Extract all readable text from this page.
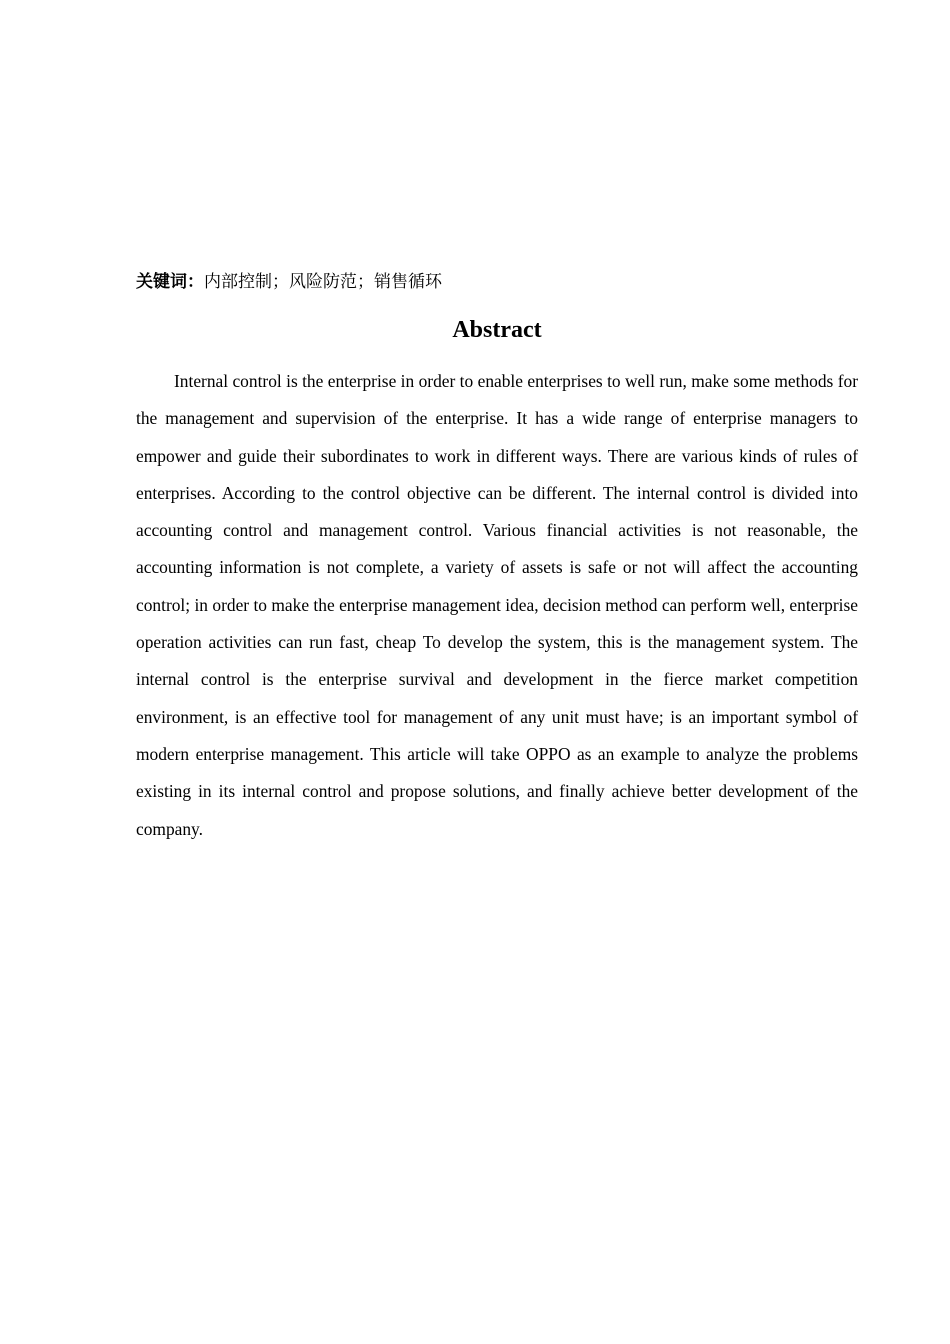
关键词：内部控制；风险防范；销售循环
Abstract

Internal control is the enterprise in order to enable enterprises to well run, make some methods for the management and supervision of the enterprise. It has a wide range of enterprise managers to empower and guide their subordinates to work in different ways. There are various kinds of rules of enterprises. According to the control objective can be different. The internal control is divided into accounting control and management control. Various financial activities is not reasonable, the accounting information is not complete, a variety of assets is safe or not will affect the accounting control; in order to make the enterprise management idea, decision method can perform well, enterprise operation activities can run fast, cheap To develop the system, this is the management system. The internal control is the enterprise survival and development in the fierce market competition environment, is an effective tool for management of any unit must have; is an important symbol of modern enterprise management. This article will take OPPO as an example to analyze the problems existing in its internal control and propose solutions, and finally achieve better development of the company.
